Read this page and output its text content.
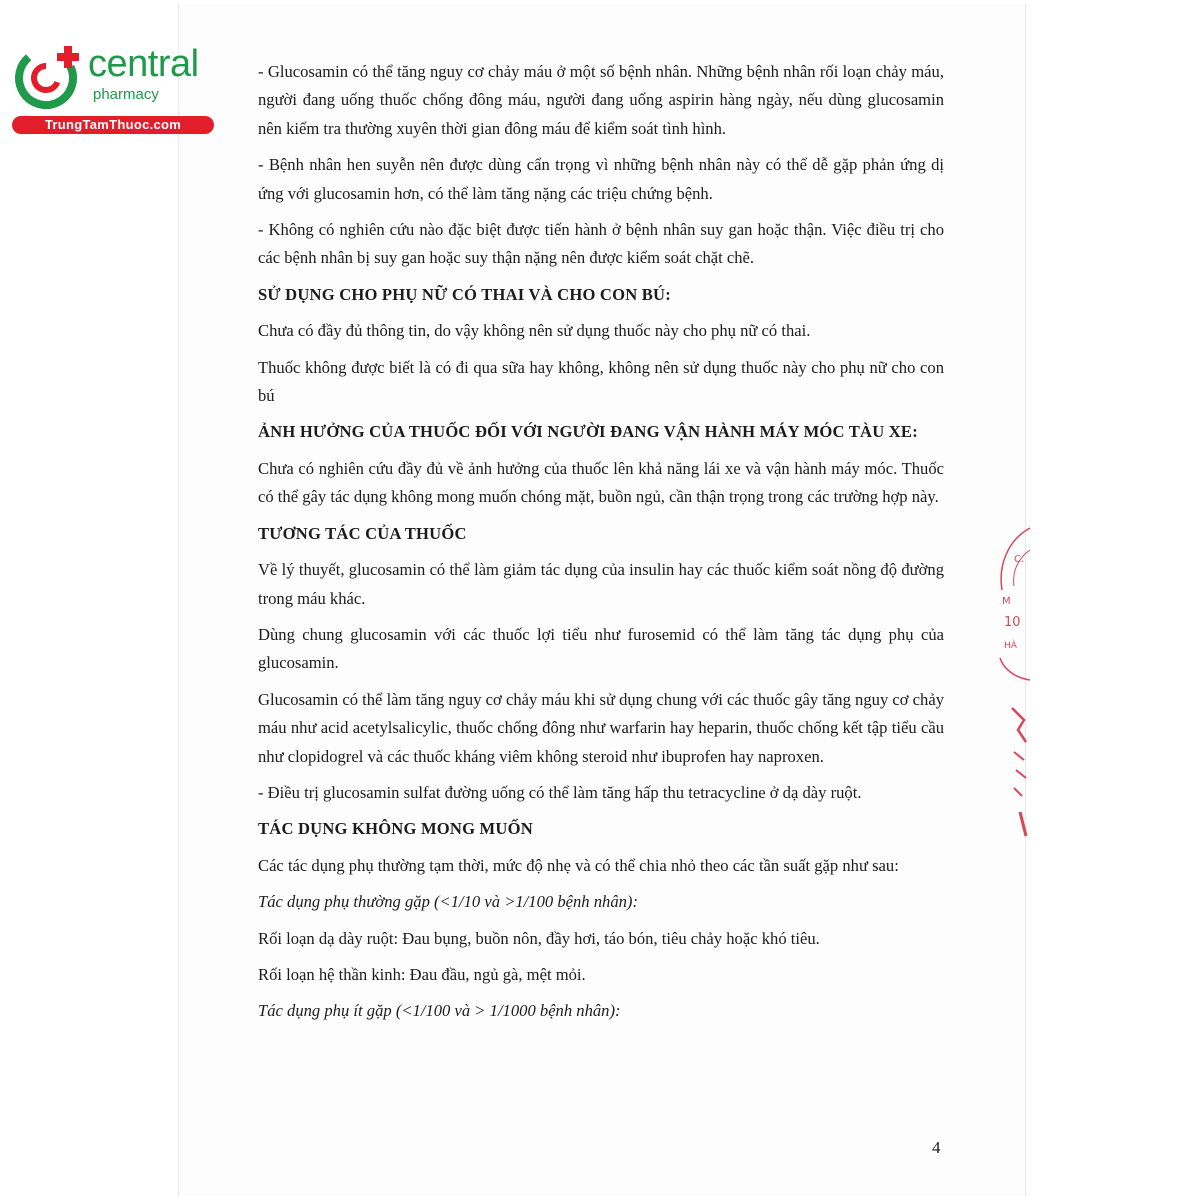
central
pharmacy
TrungTamThuoc.com

- Glucosamin có thể tăng nguy cơ chảy máu ở một số bệnh nhân. Những bệnh nhân rối loạn chảy máu, người đang uống thuốc chống đông máu, người đang uống aspirin hàng ngày, nếu dùng glucosamin nên kiểm tra thường xuyên thời gian đông máu để kiểm soát tình hình.

- Bệnh nhân hen suyễn nên được dùng cẩn trọng vì những bệnh nhân này có thể dễ gặp phản ứng dị ứng với glucosamin hơn, có thể làm tăng nặng các triệu chứng bệnh.

- Không có nghiên cứu nào đặc biệt được tiến hành ở bệnh nhân suy gan hoặc thận. Việc điều trị cho các bệnh nhân bị suy gan hoặc suy thận nặng nên được kiểm soát chặt chẽ.

SỬ DỤNG CHO PHỤ NỮ CÓ THAI VÀ CHO CON BÚ:

Chưa có đầy đủ thông tin, do vậy không nên sử dụng thuốc này cho phụ nữ có thai.

Thuốc không được biết là có đi qua sữa hay không, không nên sử dụng thuốc này cho phụ nữ cho con bú

ẢNH HƯỞNG CỦA THUỐC ĐỐI VỚI NGƯỜI ĐANG VẬN HÀNH MÁY MÓC TÀU XE:

Chưa có nghiên cứu đầy đủ về ảnh hưởng của thuốc lên khả năng lái xe và vận hành máy móc. Thuốc có thể gây tác dụng không mong muốn chóng mặt, buồn ngủ, cần thận trọng trong các trường hợp này.

TƯƠNG TÁC CỦA THUỐC

Về lý thuyết, glucosamin có thể làm giảm tác dụng của insulin hay các thuốc kiểm soát nồng độ đường trong máu khác.

Dùng chung glucosamin với các thuốc lợi tiểu như furosemid có thể làm tăng tác dụng phụ của glucosamin.

Glucosamin có thể làm tăng nguy cơ chảy máu khi sử dụng chung với các thuốc gây tăng nguy cơ chảy máu như acid acetylsalicylic, thuốc chống đông như warfarin hay heparin, thuốc chống kết tập tiểu cầu như clopidogrel và các thuốc kháng viêm không steroid như ibuprofen hay naproxen.

- Điều trị glucosamin sulfat đường uống có thể làm tăng hấp thu tetracycline ở dạ dày ruột.

TÁC DỤNG KHÔNG MONG MUỐN

Các tác dụng phụ thường tạm thời, mức độ nhẹ và có thể chia nhỏ theo các tần suất gặp như sau:

Tác dụng phụ thường gặp (<1/10 và >1/100 bệnh nhân):

Rối loạn dạ dày ruột: Đau bụng, buồn nôn, đầy hơi, táo bón, tiêu chảy hoặc khó tiêu.

Rối loạn hệ thần kinh: Đau đầu, ngủ gà, mệt mỏi.

Tác dụng phụ ít gặp (<1/100 và > 1/1000 bệnh nhân):

4
C.
M
10
HÀ
